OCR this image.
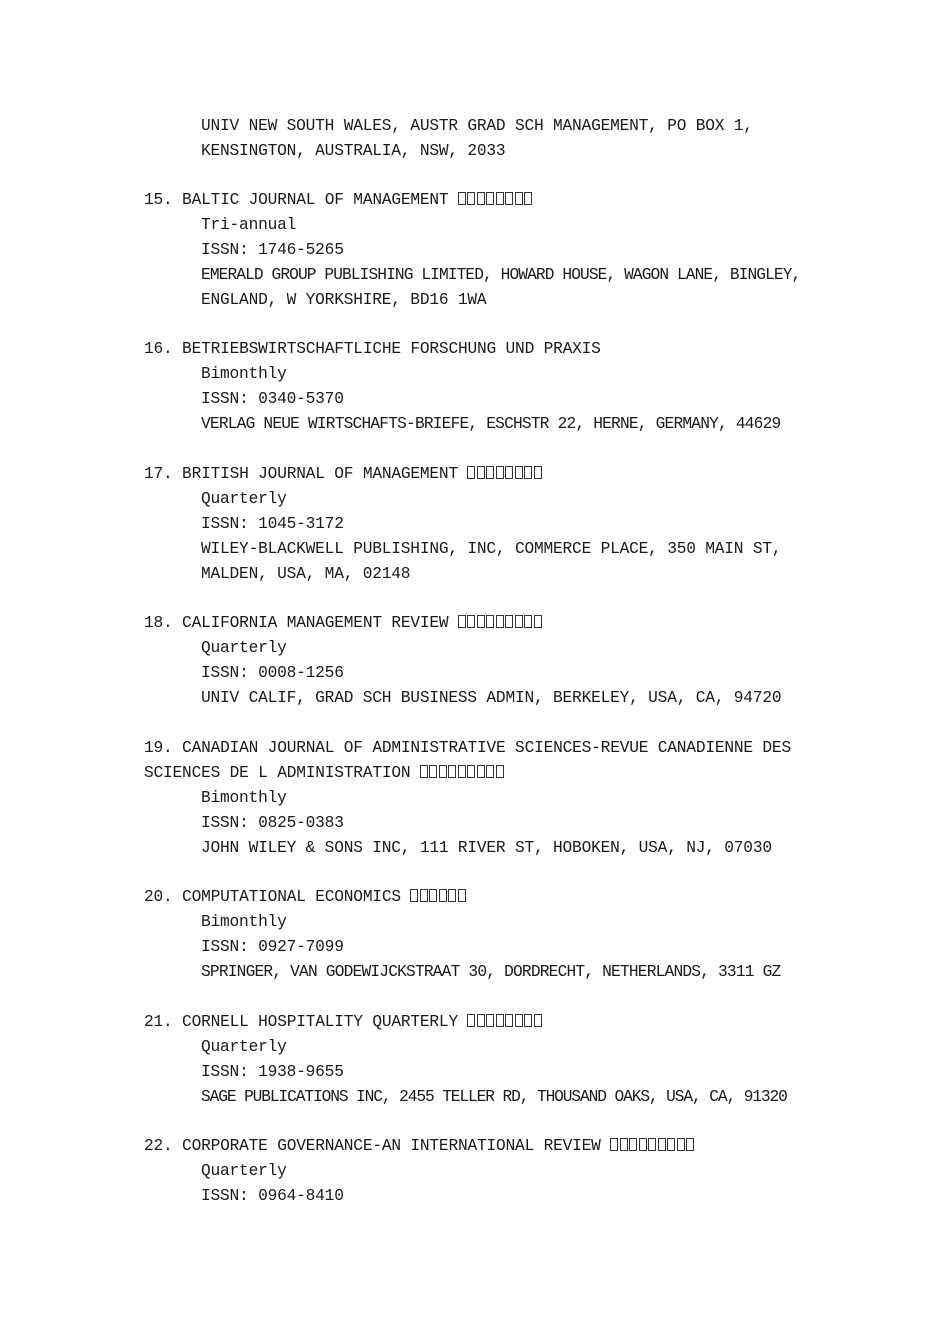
UNIV NEW SOUTH WALES, AUSTR GRAD SCH MANAGEMENT, PO BOX 1,
KENSINGTON, AUSTRALIA, NSW, 2033
15. BALTIC JOURNAL OF MANAGEMENT
Tri-annual
ISSN: 1746-5265
EMERALD GROUP PUBLISHING LIMITED, HOWARD HOUSE, WAGON LANE, BINGLEY,
ENGLAND, W YORKSHIRE, BD16 1WA
16. BETRIEBSWIRTSCHAFTLICHE FORSCHUNG UND PRAXIS
Bimonthly
ISSN: 0340-5370
VERLAG NEUE WIRTSCHAFTS-BRIEFE, ESCHSTR 22, HERNE, GERMANY, 44629
17. BRITISH JOURNAL OF MANAGEMENT
Quarterly
ISSN: 1045-3172
WILEY-BLACKWELL PUBLISHING, INC, COMMERCE PLACE, 350 MAIN ST,
MALDEN, USA, MA, 02148
18. CALIFORNIA MANAGEMENT REVIEW
Quarterly
ISSN: 0008-1256
UNIV CALIF, GRAD SCH BUSINESS ADMIN, BERKELEY, USA, CA, 94720
19. CANADIAN JOURNAL OF ADMINISTRATIVE SCIENCES-REVUE CANADIENNE DES
SCIENCES DE L ADMINISTRATION
Bimonthly
ISSN: 0825-0383
JOHN WILEY & SONS INC, 111 RIVER ST, HOBOKEN, USA, NJ, 07030
20. COMPUTATIONAL ECONOMICS
Bimonthly
ISSN: 0927-7099
SPRINGER, VAN GODEWIJCKSTRAAT 30, DORDRECHT, NETHERLANDS, 3311 GZ
21. CORNELL HOSPITALITY QUARTERLY
Quarterly
ISSN: 1938-9655
SAGE PUBLICATIONS INC, 2455 TELLER RD, THOUSAND OAKS, USA, CA, 91320
22. CORPORATE GOVERNANCE-AN INTERNATIONAL REVIEW
Quarterly
ISSN: 0964-8410
